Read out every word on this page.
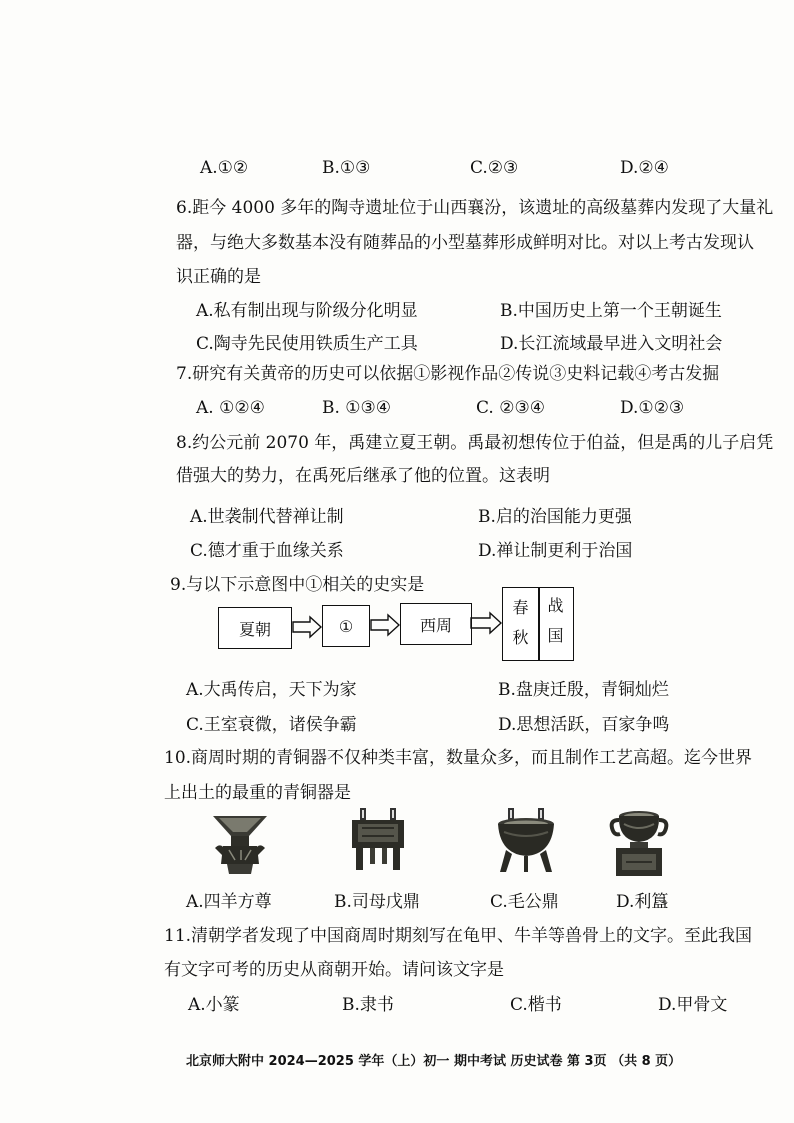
A.①②	B.①③	C.②③	D.②④
6.距今 4000 多年的陶寺遗址位于山西襄汾，该遗址的高级墓葬内发现了大量礼
器，与绝大多数基本没有随葬品的小型墓葬形成鲜明对比。对以上考古发现认
识正确的是
A.私有制出现与阶级分化明显	B.中国历史上第一个王朝诞生
C.陶寺先民使用铁质生产工具	D.长江流域最早进入文明社会
7.研究有关黄帝的历史可以依据①影视作品②传说③史料记载④考古发掘
A. ①②④	B. ①③④	C. ②③④	D.①②③
8.约公元前 2070 年，禹建立夏王朝。禹最初想传位于伯益，但是禹的儿子启凭
借强大的势力，在禹死后继承了他的位置。这表明
A.世袭制代替禅让制	B.启的治国能力更强
C.德才重于血缘关系	D.禅让制更利于治国
9.与以下示意图中①相关的史实是
夏朝	①	西周
春
秋
战
国
A.大禹传启，天下为家	B.盘庚迁殷，青铜灿烂
C.王室衰微，诸侯争霸	D.思想活跃，百家争鸣
10.商周时期的青铜器不仅种类丰富，数量众多，而且制作工艺高超。迄今世界
上出土的最重的青铜器是
A.四羊方尊	B.司母戊鼎	C.毛公鼎	D.利簋
11.清朝学者发现了中国商周时期刻写在龟甲、牛羊等兽骨上的文字。至此我国
有文字可考的历史从商朝开始。请问该文字是
A.小篆	B.隶书	C.楷书	D.甲骨文
北京师大附中 2024—2025 学年（上）初一 期中考试 历史试卷 第 3页 （共 8 页）
